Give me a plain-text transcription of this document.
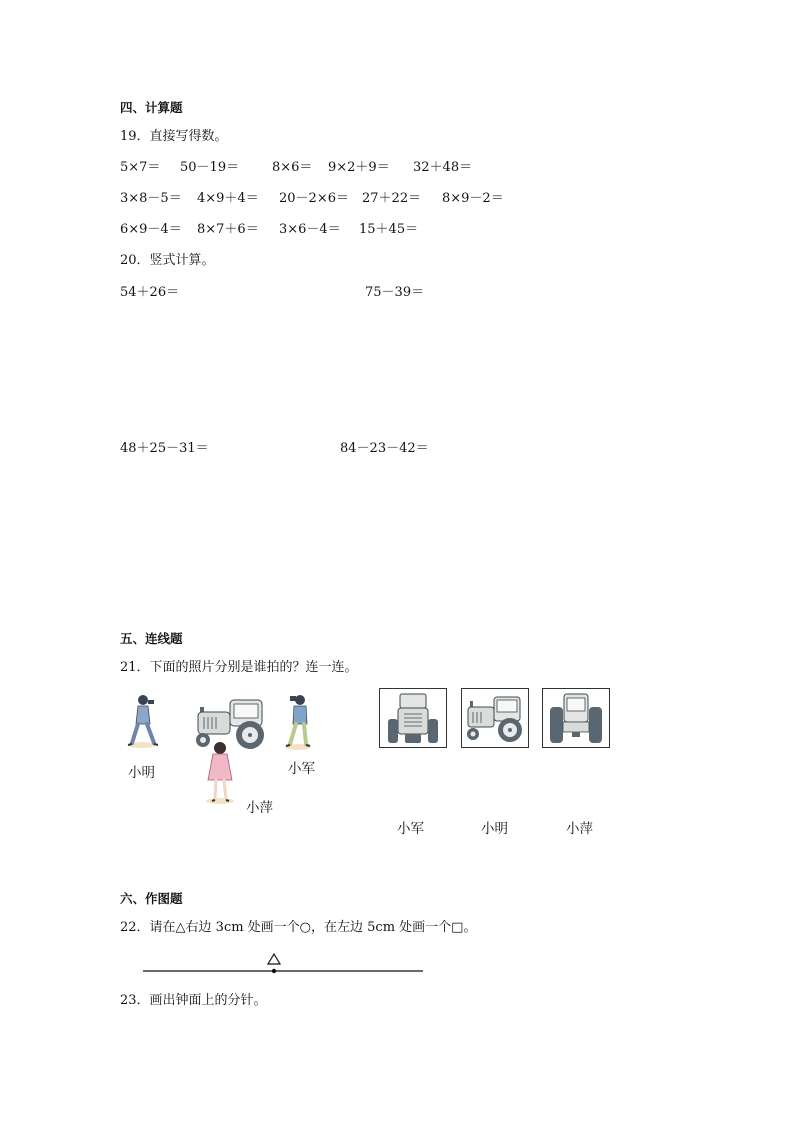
四、计算题
19．直接写得数。
5×7＝ 50－19＝	8×6＝ 9×2＋9＝ 32＋48＝
3×8－5＝ 4×9＋4＝ 20－2×6＝ 27＋22＝ 8×9－2＝
6×9－4＝ 8×7＋6＝ 3×6－4＝ 15＋45＝
20．竖式计算。
54＋26＝	75－39＝
48＋25－31＝	84－23－42＝
五、连线题
21．下面的照片分别是谁拍的？连一连。
小明	小军
小萍
小军	小明	小萍
六、作图题
22．请在△右边 3cm 处画一个○，在左边 5cm 处画一个□。
23．画出钟面上的分针。
